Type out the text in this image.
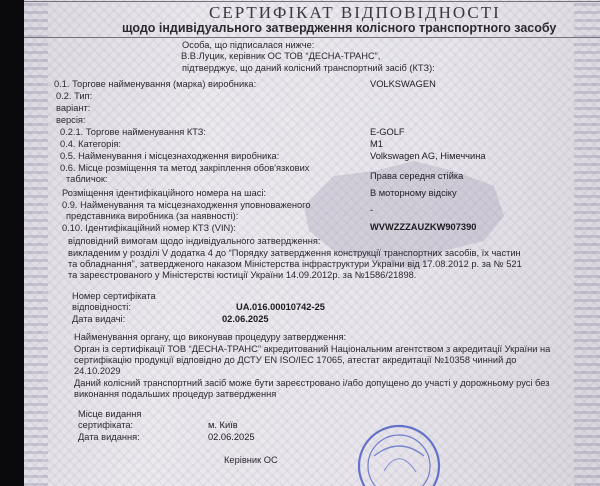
СЕРТИФІКАТ ВІДПОВІДНОСТІ
щодо індивідуального затвердження колісного транспортного засобу
Особа, що підписалася нижче:
В.В.Луцик, керівник ОС ТОВ “ДЕСНА-ТРАНС”,
підтверджує, що даний колісний транспортний засіб (КТЗ):
0.1. Торгове найменування (марка) виробника:	VOLKSWAGEN
0.2. Тип:
варіант:
версія:
0.2.1. Торгове найменування КТЗ:	E-GOLF
0.4. Категорія:	M1
0.5. Найменування і місцезнаходження виробника:	Volkswagen AG, Німеччина
0.6. Місце розміщення та метод закріплення обов'язкових
табличок:	Права середня стійка
Розміщення ідентифікаційного номера на шасі:	В моторному відсіку
0.9. Найменування та місцезнаходження уповноваженого
представника виробника (за наявності):
-
0.10. Ідентифікаційний номер КТЗ (VIN):	WVWZZZAUZKW907390
відповідний вимогам щодо індивідуального затвердження:
викладеним у розділі V додатка 4 до “Порядку затвердження конструкції транспортних засобів, їх частин
та обладнання”, затвердженого наказом Міністерства інфраструктури України від 17.08.2012 р. за № 521
та зареєстрованого у Міністерстві юстиції України 14.09.2012р. за №1586/21898.
Номер сертифіката
відповідності:	UA.016.00010742-25
Дата видачі:	02.06.2025
Найменування органу, що виконував процедуру затвердження:
Орган із сертифікації ТОВ “ДЕСНА-ТРАНС” акредитований Національним агентством з акредитації України на
сертифікацію продукції відповідно до ДСТУ EN ISO/IEC 17065, атестат акредитації №10358 чинний до
24.10.2029
Даний колісний транспортний засіб може бути зареєстровано і/або допущено до участі у дорожньому русі без
виконання подальших процедур затвердження
Місце видання
сертифіката:	м. Київ
Дата видання:	02.06.2025
Керівник ОС
